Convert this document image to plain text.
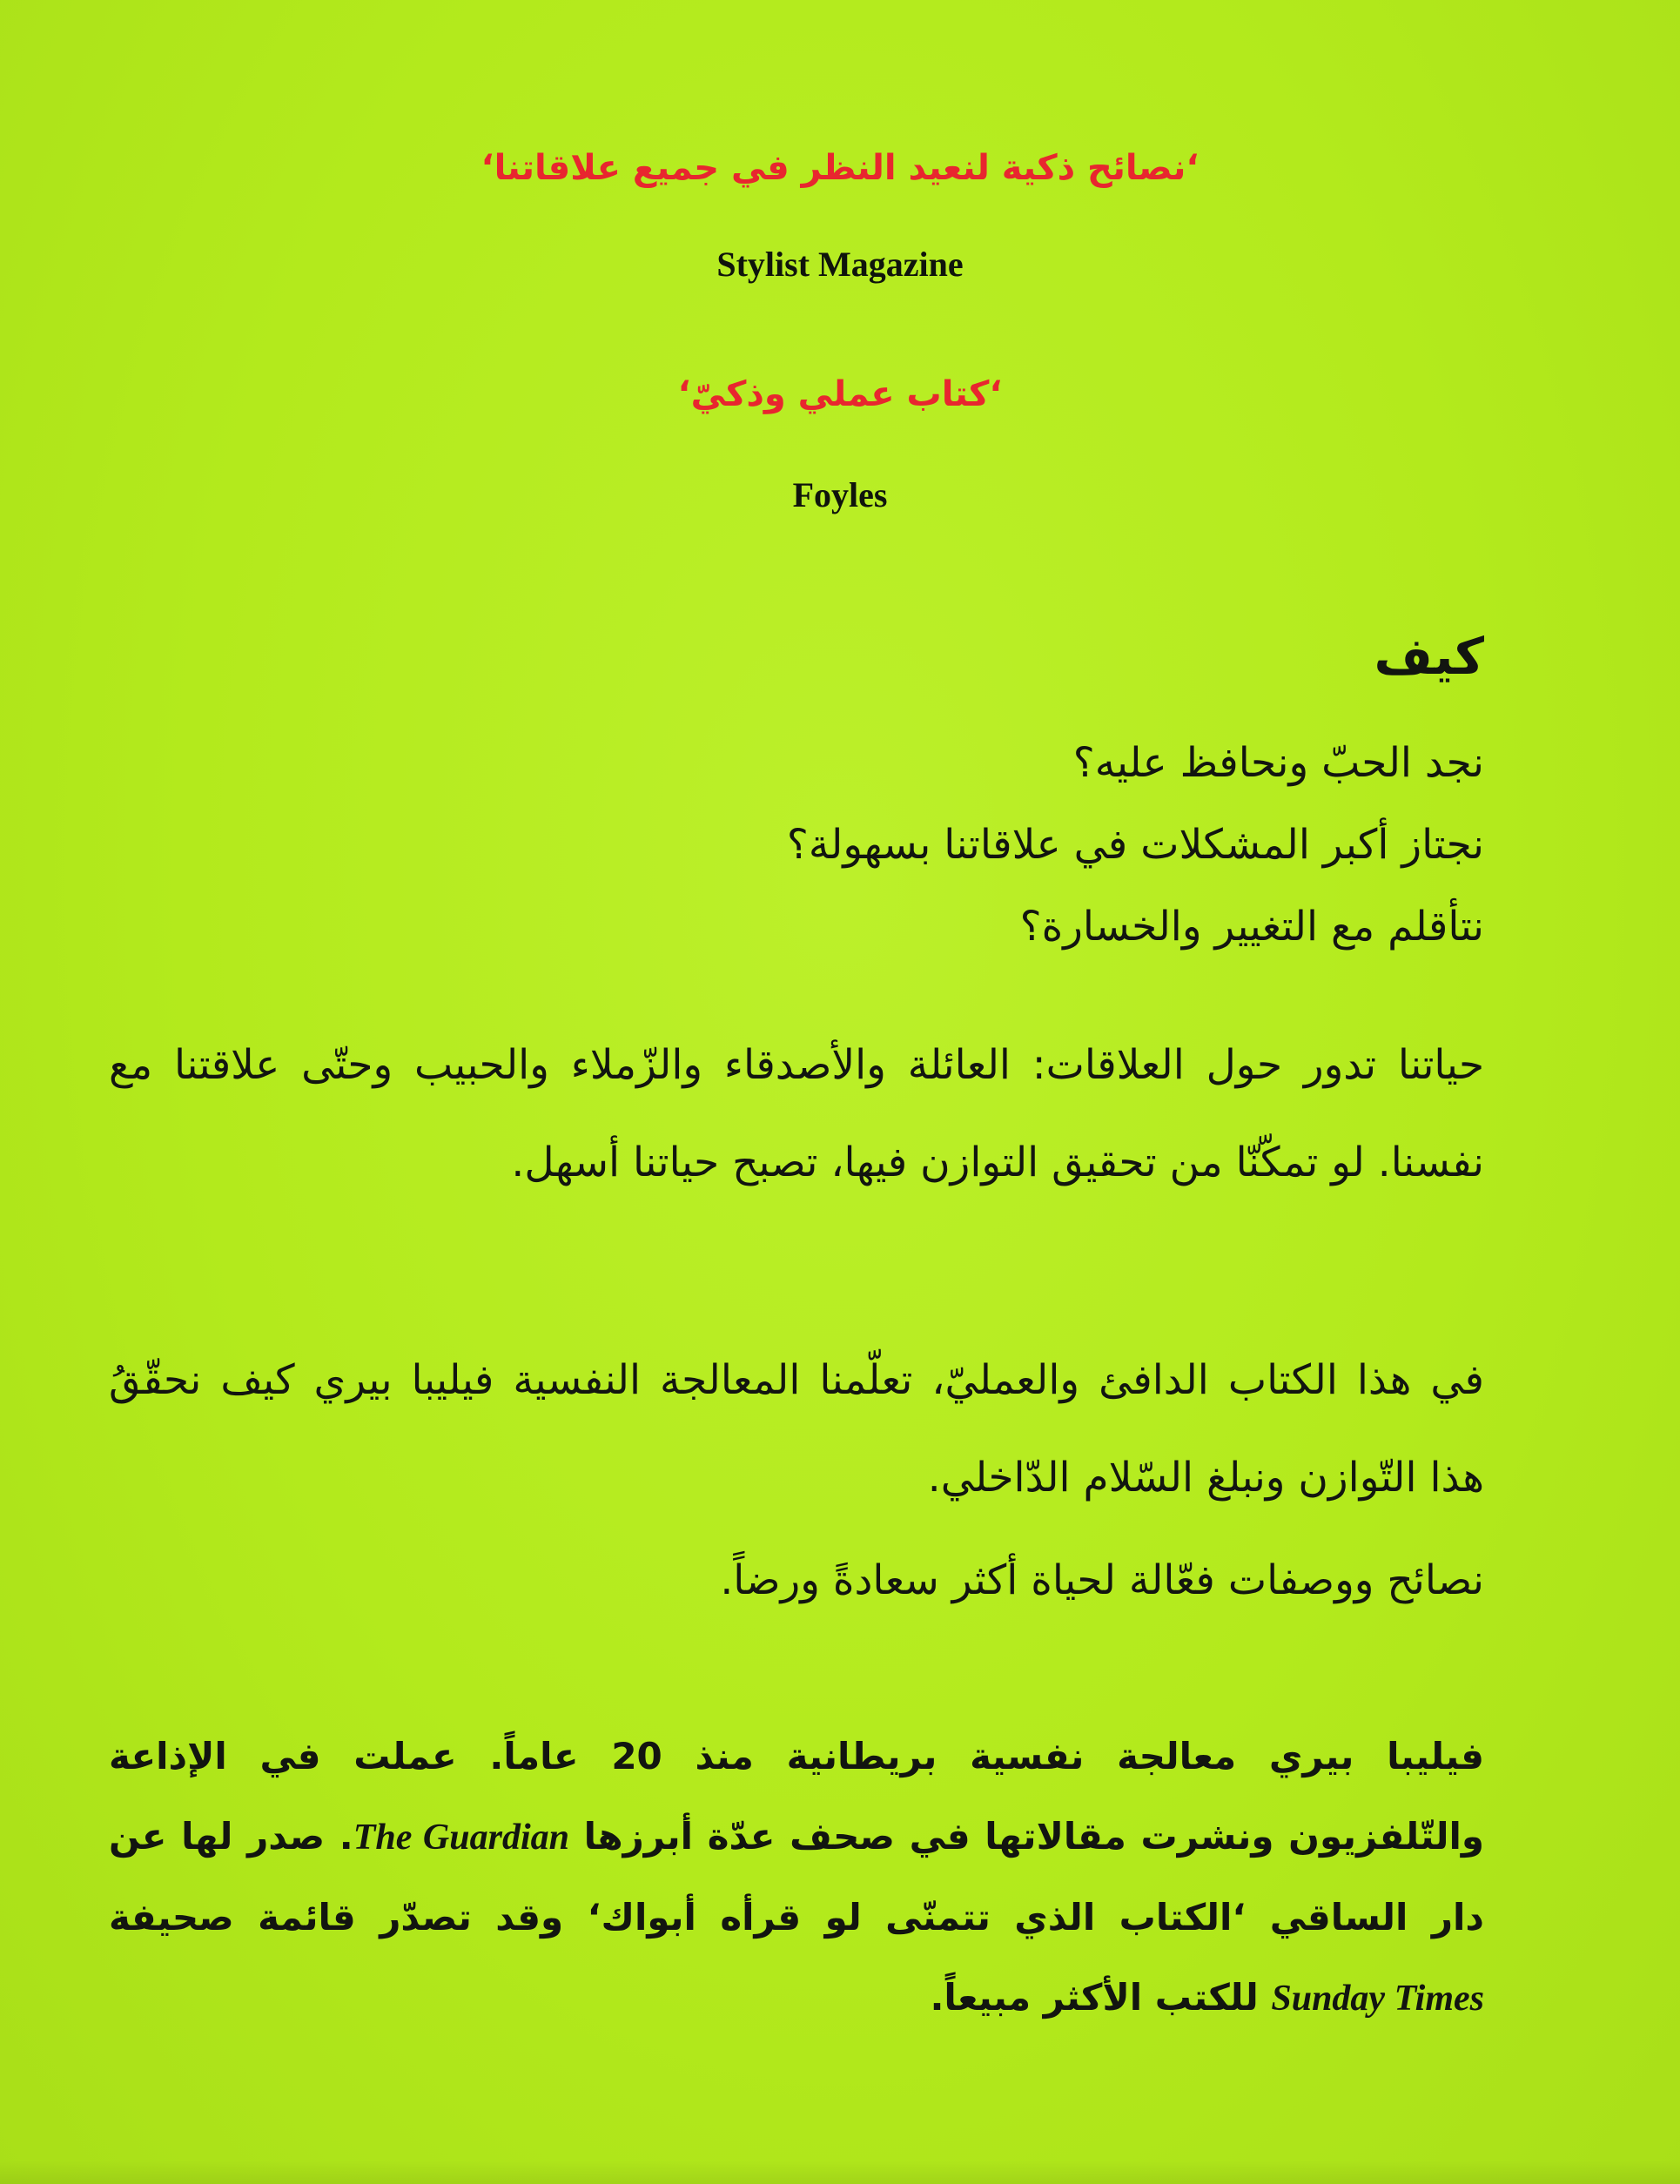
‘نصائح ذكية لنعيد النظر في جميع علاقاتنا‘
Stylist Magazine
‘كتاب عملي وذكيّ‘
Foyles
كيف
نجد الحبّ ونحافظ عليه؟
نجتاز أكبر المشكلات في علاقاتنا بسهولة؟
نتأقلم مع التغيير والخسارة؟

حياتنا تدور حول العلاقات: العائلة والأصدقاء والزّملاء والحبيب وحتّى علاقتنا مع نفسنا. لو تمكّنّا من تحقيق التوازن فيها، تصبح حياتنا أسهل.

في هذا الكتاب الدافئ والعمليّ، تعلّمنا المعالجة النفسية فيليبا بيري كيف نحقّقُ هذا التّوازن ونبلغ السّلام الدّاخلي.

نصائح ووصفات فعّالة لحياة أكثر سعادةً ورضاً.

فيليبا بيري معالجة نفسية بريطانية منذ 20 عاماً. عملت في الإذاعة والتّلفزيون ونشرت مقالاتها في صحف عدّة أبرزها The Guardian. صدر لها عن دار الساقي ‘الكتاب الذي تتمنّى لو قرأه أبواك‘ وقد تصدّر قائمة صحيفة Sunday Times للكتب الأكثر مبيعاً.
